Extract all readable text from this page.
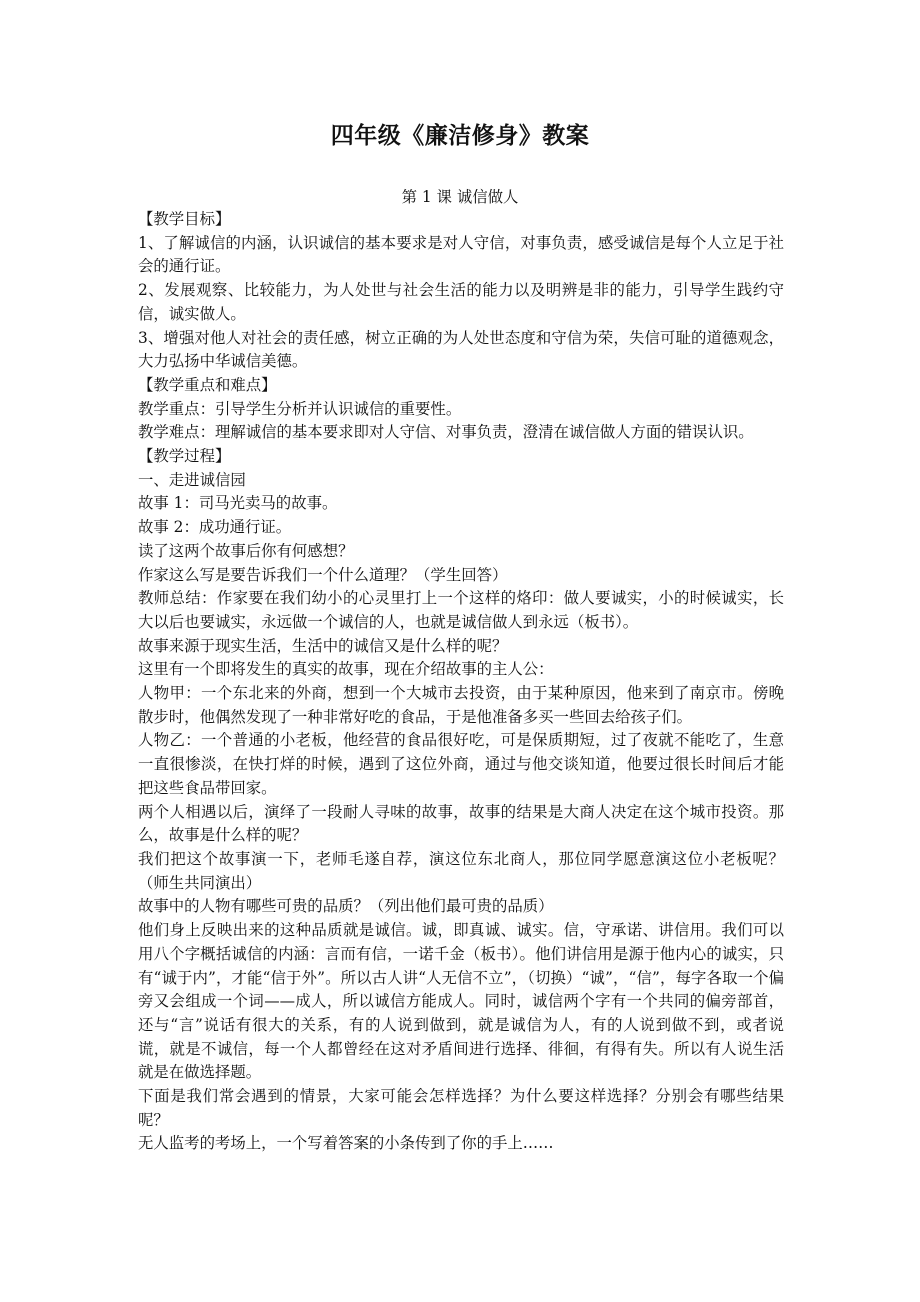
四年级《廉洁修身》教案
第 1 课 诚信做人

【教学目标】

1、了解诚信的内涵，认识诚信的基本要求是对人守信，对事负责，感受诚信是每个人立足于社会的通行证。

2、发展观察、比较能力，为人处世与社会生活的能力以及明辨是非的能力，引导学生践约守信，诚实做人。

3、增强对他人对社会的责任感，树立正确的为人处世态度和守信为荣，失信可耻的道德观念，大力弘扬中华诚信美德。

【教学重点和难点】

教学重点：引导学生分析并认识诚信的重要性。

教学难点：理解诚信的基本要求即对人守信、对事负责，澄清在诚信做人方面的错误认识。

【教学过程】

一、走进诚信园

故事 1：司马光卖马的故事。

故事 2：成功通行证。

读了这两个故事后你有何感想？

作家这么写是要告诉我们一个什么道理？（学生回答）

教师总结：作家要在我们幼小的心灵里打上一个这样的烙印：做人要诚实，小的时候诚实，长大以后也要诚实，永远做一个诚信的人，也就是诚信做人到永远（板书）。

故事来源于现实生活，生活中的诚信又是什么样的呢？

这里有一个即将发生的真实的故事，现在介绍故事的主人公：

人物甲：一个东北来的外商，想到一个大城市去投资，由于某种原因，他来到了南京市。傍晚散步时，他偶然发现了一种非常好吃的食品，于是他准备多买一些回去给孩子们。

人物乙：一个普通的小老板，他经营的食品很好吃，可是保质期短，过了夜就不能吃了，生意一直很惨淡，在快打烊的时候，遇到了这位外商，通过与他交谈知道，他要过很长时间后才能把这些食品带回家。

两个人相遇以后，演绎了一段耐人寻味的故事，故事的结果是大商人决定在这个城市投资。那么，故事是什么样的呢？

我们把这个故事演一下，老师毛遂自荐，演这位东北商人，那位同学愿意演这位小老板呢？（师生共同演出）

故事中的人物有哪些可贵的品质？（列出他们最可贵的品质）

他们身上反映出来的这种品质就是诚信。诚，即真诚、诚实。信，守承诺、讲信用。我们可以用八个字概括诚信的内涵：言而有信，一诺千金（板书）。他们讲信用是源于他内心的诚实，只有“诚于内”，才能“信于外”。所以古人讲“人无信不立”，（切换）“诚”，“信”，每字各取一个偏旁又会组成一个词——成人，所以诚信方能成人。同时，诚信两个字有一个共同的偏旁部首，还与“言”说话有很大的关系，有的人说到做到，就是诚信为人，有的人说到做不到，或者说谎，就是不诚信，每一个人都曾经在这对矛盾间进行选择、徘徊，有得有失。所以有人说生活就是在做选择题。

下面是我们常会遇到的情景，大家可能会怎样选择？为什么要这样选择？分别会有哪些结果呢？

无人监考的考场上，一个写着答案的小条传到了你的手上……
